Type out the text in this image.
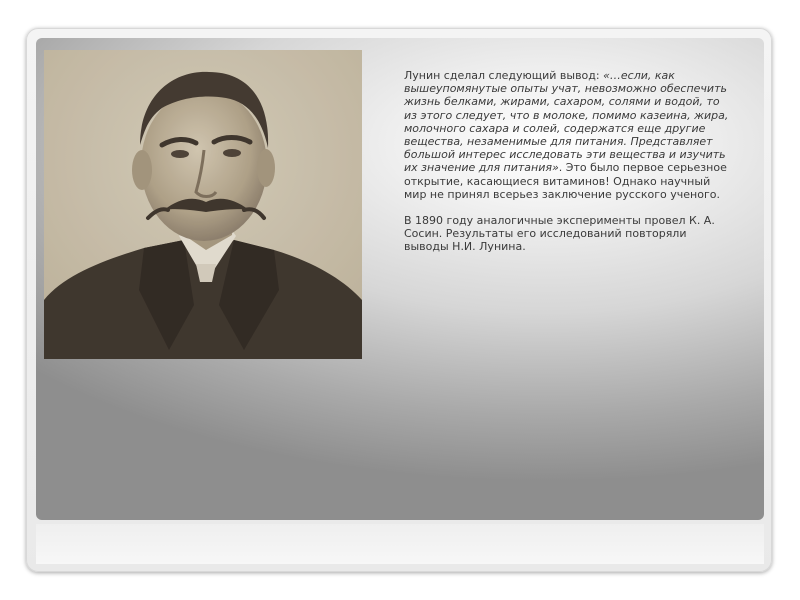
Лунин сделал следующий вывод: «…если, как вышеупомянутые опыты учат, невозможно обеспечить жизнь белками, жирами, сахаром, солями и водой, то из этого следует, что в молоке, помимо казеина, жира, молочного сахара и солей, содержатся еще другие вещества, незаменимые для питания. Представляет большой интерес исследовать эти вещества и изучить их значение для питания». Это было первое серьезное открытие, касающиеся витаминов! Однако научный мир не принял всерьез заключение русского ученого.

В 1890 году аналогичные эксперименты провел К. А. Сосин. Результаты его исследований повторяли выводы Н.И. Лунина.
